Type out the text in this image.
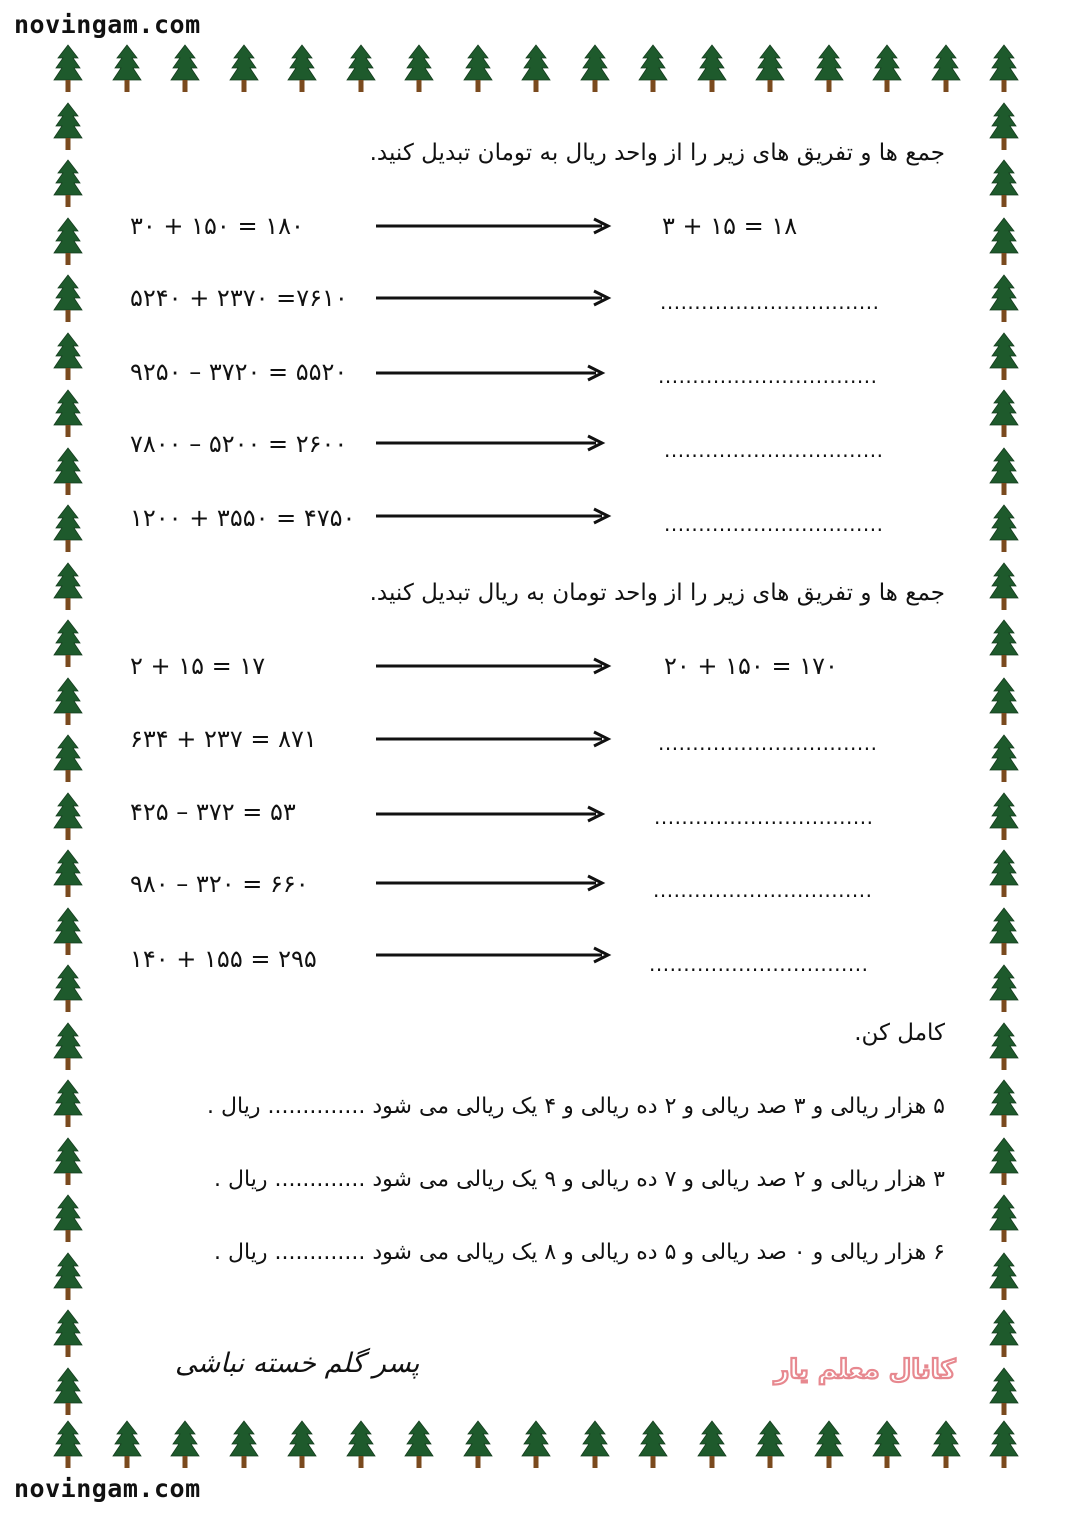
novingam.com
novingam.com
جمع ها و تفریق های زیر را از واحد ریال به تومان تبدیل کنید.
۳۰ + ۱۵۰ = ۱۸۰
۵۲۴۰ + ۲۳۷۰ =۷۶۱۰
۹۲۵۰ – ۳۷۲۰ = ۵۵۲۰
۷۸۰۰ – ۵۲۰۰ = ۲۶۰۰
۱۲۰۰ + ۳۵۵۰ = ۴۷۵۰
۳ + ۱۵ = ۱۸
................................
................................
................................
................................
جمع ها و تفریق های زیر را از واحد تومان به ریال تبدیل کنید.
۲ + ۱۵ = ۱۷
۶۳۴ + ۲۳۷ = ۸۷۱
۴۲۵ – ۳۷۲ = ۵۳
۹۸۰ – ۳۲۰ = ۶۶۰
۱۴۰ + ۱۵۵ = ۲۹۵
۲۰ + ۱۵۰ = ۱۷۰
................................
................................
................................
................................
کامل کن.
۵ هزار ریالی و ۳ صد ریالی و ۲ ده ریالی و ۴ یک ریالی می شود .............. ریال .
۳ هزار ریالی و ۲ صد ریالی و ۷ ده ریالی و ۹ یک ریالی می شود ............. ریال .
۶ هزار ریالی و ۰ صد ریالی و ۵ ده ریالی و ۸ یک ریالی می شود ............. ریال .
پسر گلم خسته نباشی	کانال معلم یار
